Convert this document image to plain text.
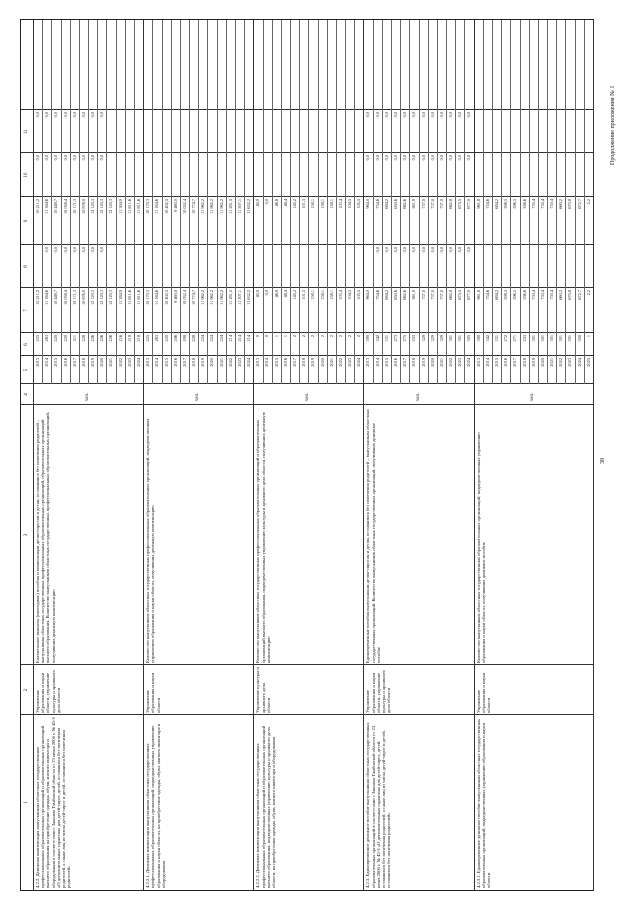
38
Продолжение приложения № 1
1
2
3
4
5
6
7
8
9
10
11
4.2.2. Денежная компенсация выпускникам областных государственных профессиональных образовательных организаций и образовательных организаций высшего образования на приобретение одежды, обуви, мягкого инвентаря и оборудования в соответствии с Законом Тамбовской области от 23 июня 2006 г. № 45-З «О дополнительных гарантиях для детей-сирот, детей, оставшихся без попечения родителей, а также лиц из числа детей-сирот и детей, оставшихся без попечения родителей»
Управление образования и науки области, управление культуры и архивного дела области
Ежемесячное выплаты (ежегодные) пособия и компенсации детям-сиротам и детям, оставшимся без попечения родителей – выпускникам областных государственных профессиональных образовательных организаций, образовательных организаций высшего образования. Количество выпускников областных государственных профессиональных образовательных организаций, получивших денежную компенсацию
чел.
2013
225
10 211,2
10 211,2
0,0
0,0
2014
263
11 164,6
0,0
11 164,6
0,0
0,0
2015
220
10 449,7
0,0
10 449,7
0,0
0,0
2016
220
10 058,4
0,0
10 058,4
0,0
0,0
2017
211
10 171,3
0,0
10 171,3
0,0
0,0
2018
228
10 876,0
0,0
10 876,0
0,0
0,0
2019
226
12 120,3
0,0
12 120,3
0,0
0,0
2020
226
12 120,3
0,0
12 120,3
0,0
0,0
2021
226
12 120,3
12 120,3
2022
216
11 384,9
11 384,9
2023
218
11 611,6
11 611,6
2024
218
11 611,6
11 611,6
4.2.2.1. Денежная компенсация выпускникам областных государственных профессиональных образовательных организаций, подведомственных управлению образования и науки области, на приобретение одежды, обуви, мягкого инвентаря и оборудования
Управление образования и науки области
Количество выпускников областных государственных профессиональных образовательных организаций, подведомственных управлению образования и науки области, получивших денежную компенсацию
чел.
2013
225
10 170,3
10 170,3
2014
263
11 164,6
11 164,6
2015
220
10 402,5
10 402,5
2016
206
9 460,0
9 460,0
2017
208
10 052,4
10 052,4
2018
228
10 774,7
10 774,7
2019
224
11 962,2
11 962,2
2020
224
11 962,2
11 962,2
2021
224
11 962,2
11 962,2
2022
214
11 281,5
11 281,5
2023
214
11 507,1
11 507,1
2024
214
11 632,2
11 632,2
4.2.2.2. Денежная компенсация выпускникам областных государственных профессиональных образовательных организаций и образовательных организаций высшего образования, подведомственных управлению культуры и архивного дела области, на приобретение одежды, обуви, мягкого инвентаря и оборудования
Управление культуры и архивного дела области
Количество выпускников областных государственных профессиональных образовательных организаций и образовательных организаций высшего образования, подведомственных управлению культуры и архивного дела области, получивших денежную компенсацию
чел.
2013
0
40,9
40,9
2014
0
0,0
0,0
2015
1
46,8
46,8
2016
1
48,4
48,4
2017
2
145,2
145,2
2018
2
101,3
101,3
2019
2
158,1
158,1
2020
2
158,1
158,1
2021
2
158,1
158,1
2022
2
103,4
103,4
2023
2
104,5
104,5
2024
2
105,5
105,5
4.2.3. Единовременное денежное пособие выпускникам областных государственных образовательных организаций в соответствии с Законом Тамбовской области от 23 июня 2006 г. № 45-З «О дополнительных гарантиях для детей-сирот, детей, оставшихся без попечения родителей, а также лиц из числа детей-сирот и детей, оставшихся без попечения родителей»
Управление образования и науки области, управление культуры и архивного дела области
Единовременные пособия выпускникам детям-сиротам и детям, оставшимся без попечения родителей – выпускникам областных государственных организаций. Количество выпускников областных государственных организаций, получивших денежное пособие
чел.
2013
390
964,0
964,0
0,0
0,0
2014
342
754,6
0,0
754,6
0,0
0,0
2015
331
684,2
0,0
684,2
0,0
0,0
2016
273
650,6
0,0
650,6
0,0
0,0
2017
275
662,6
0,0
662,6
0,0
0,0
2018
253
561,9
0,0
561,9
0,0
0,0
2019
329
737,0
0,0
737,0
0,0
0,0
2020
329
737,0
0,0
737,0
0,0
0,0
2021
329
737,0
0,0
737,0
0,0
0,0
2022
301
662,8
0,0
662,8
0,0
0,0
2023
301
675,5
0,0
675,5
0,0
0,0
2024
305
677,0
0,0
677,0
0,0
0,0
4.2.3.1. Единовременное денежное пособие выпускникам областных государственных образовательных организаций, подведомственных управлению образования и науки области
Управление образования и науки области
Количество выпускников областных государственных образовательных организаций, подведомственных управлению образования и науки области, получивших денежное пособие
чел.
2013
390
961,8
961,8
2014
342
754,6
754,6
2015
331
684,2
684,2
2016
272
598,5
598,5
2017
271
596,5
596,5
2018
253
556,6
556,6
2019
301
730,4
730,4
2020
301
730,4
730,4
2021
301
730,4
730,4
2022
301
660,2
660,2
2023
301
670,8
670,8
2024
300
672,7
672,7
2025
1
2,2
2,2
